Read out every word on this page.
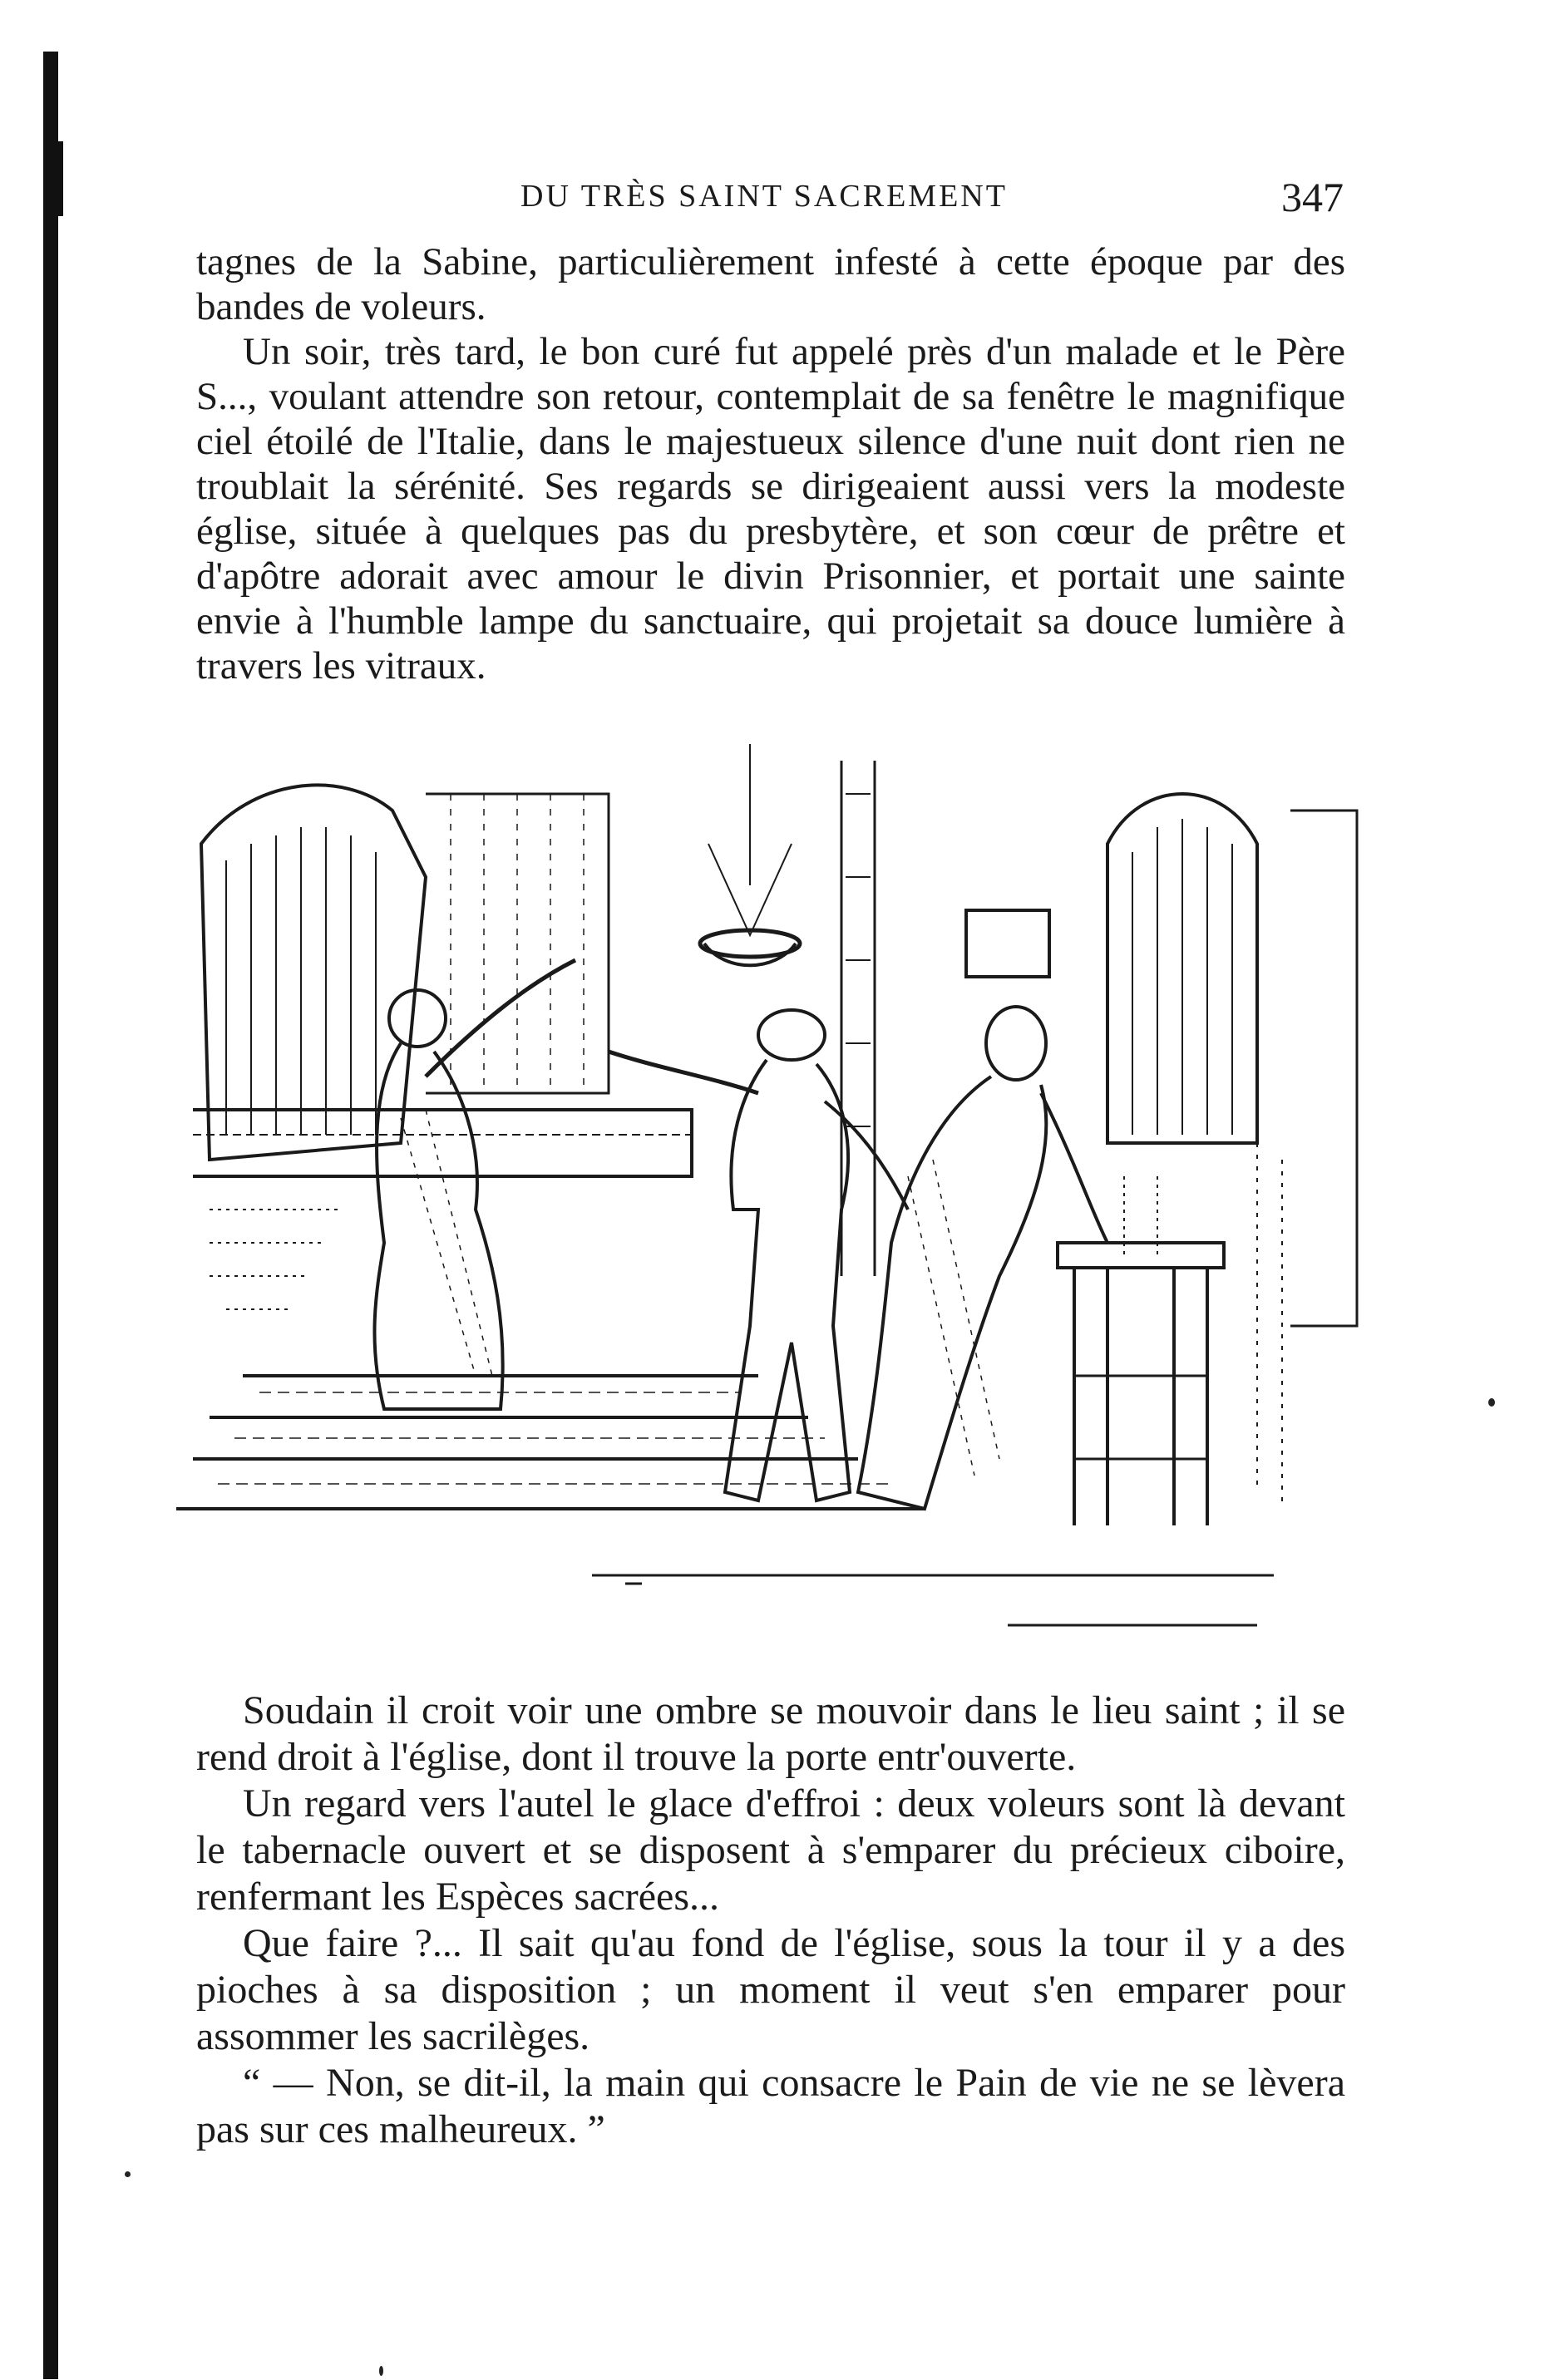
DU TRÈS SAINT SACREMENT	347

tagnes de la Sabine, particulièrement infesté à cette époque par des bandes de voleurs.

Un soir, très tard, le bon curé fut appelé près d'un malade et le Père S..., voulant attendre son retour, contemplait de sa fenêtre le magnifique ciel étoilé de l'Italie, dans le majestueux silence d'une nuit dont rien ne troublait la sérénité. Ses regards se dirigeaient aussi vers la modeste église, située à quelques pas du presbytère, et son cœur de prêtre et d'apôtre adorait avec amour le divin Prisonnier, et portait une sainte envie à l'humble lampe du sanctuaire, qui projetait sa douce lumière à travers les vitraux.

Soudain il croit voir une ombre se mouvoir dans le lieu saint ; il se rend droit à l'église, dont il trouve la porte entr'ouverte.

Un regard vers l'autel le glace d'effroi : deux voleurs sont là devant le tabernacle ouvert et se disposent à s'emparer du précieux ciboire, renfermant les Espèces sacrées...

Que faire ?... Il sait qu'au fond de l'église, sous la tour il y a des pioches à sa disposition ; un moment il veut s'en emparer pour assommer les sacrilèges.

“ — Non, se dit-il, la main qui consacre le Pain de vie ne se lèvera pas sur ces malheureux. ”
